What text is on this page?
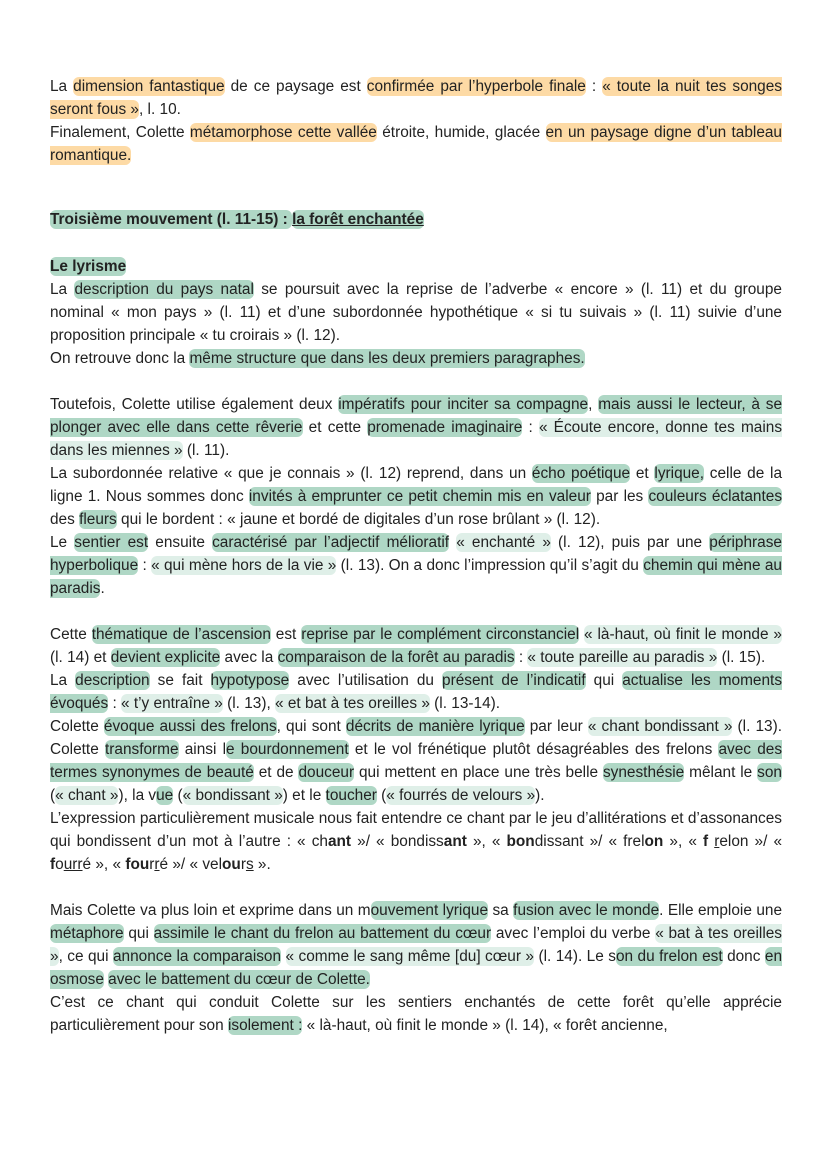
La dimension fantastique de ce paysage est confirmée par l’hyperbole finale : « toute la nuit tes songes seront fous », l. 10.

Finalement, Colette métamorphose cette vallée étroite, humide, glacée en un paysage digne d’un tableau romantique.

Troisième mouvement (l. 11-15) : la forêt enchantée

Le lyrisme

La description du pays natal se poursuit avec la reprise de l’adverbe « encore » (l. 11) et du groupe nominal « mon pays » (l. 11) et d’une subordonnée hypothétique « si tu suivais » (l. 11) suivie d’une proposition principale « tu croirais » (l. 12).

On retrouve donc la même structure que dans les deux premiers paragraphes.

Toutefois, Colette utilise également deux impératifs pour inciter sa compagne, mais aussi le lecteur, à se plonger avec elle dans cette rêverie et cette promenade imaginaire : « Écoute encore, donne tes mains dans les miennes » (l. 11).

La subordonnée relative « que je connais » (l. 12) reprend, dans un écho poétique et lyrique, celle de la ligne 1. Nous sommes donc invités à emprunter ce petit chemin mis en valeur par les couleurs éclatantes des fleurs qui le bordent : « jaune et bordé de digitales d’un rose brûlant » (l. 12).

Le sentier est ensuite caractérisé par l’adjectif mélioratif « enchanté » (l. 12), puis par une périphrase hyperbolique : « qui mène hors de la vie » (l. 13). On a donc l’impression qu’il s’agit du chemin qui mène au paradis.

Cette thématique de l’ascension est reprise par le complément circonstanciel « là-haut, où finit le monde » (l. 14) et devient explicite avec la comparaison de la forêt au paradis : « toute pareille au paradis » (l. 15).

La description se fait hypotypose avec l’utilisation du présent de l’indicatif qui actualise les moments évoqués : « t’y entraîne » (l. 13), « et bat à tes oreilles » (l. 13-14).

Colette évoque aussi des frelons, qui sont décrits de manière lyrique par leur « chant bondissant » (l. 13). Colette transforme ainsi le bourdonnement et le vol frénétique plutôt désagréables des frelons avec des termes synonymes de beauté et de douceur qui mettent en place une très belle synesthésie mêlant le son (« chant »), la vue (« bondissant ») et le toucher (« fourrés de velours »).

L’expression particulièrement musicale nous fait entendre ce chant par le jeu d’allitérations et d’assonances qui bondissent d’un mot à l’autre : « chant »/ « bondissant », « bondissant »/ « frelon », « f relon »/ « fourré », « fourré »/ « velours ».

Mais Colette va plus loin et exprime dans un mouvement lyrique sa fusion avec le monde. Elle emploie une métaphore qui assimile le chant du frelon au battement du cœur avec l’emploi du verbe « bat à tes oreilles », ce qui annonce la comparaison « comme le sang même [du] cœur » (l. 14). Le son du frelon est donc en osmose avec le battement du cœur de Colette.

C’est ce chant qui conduit Colette sur les sentiers enchantés de cette forêt qu’elle apprécie particulièrement pour son isolement : « là-haut, où finit le monde » (l. 14), « forêt ancienne,
